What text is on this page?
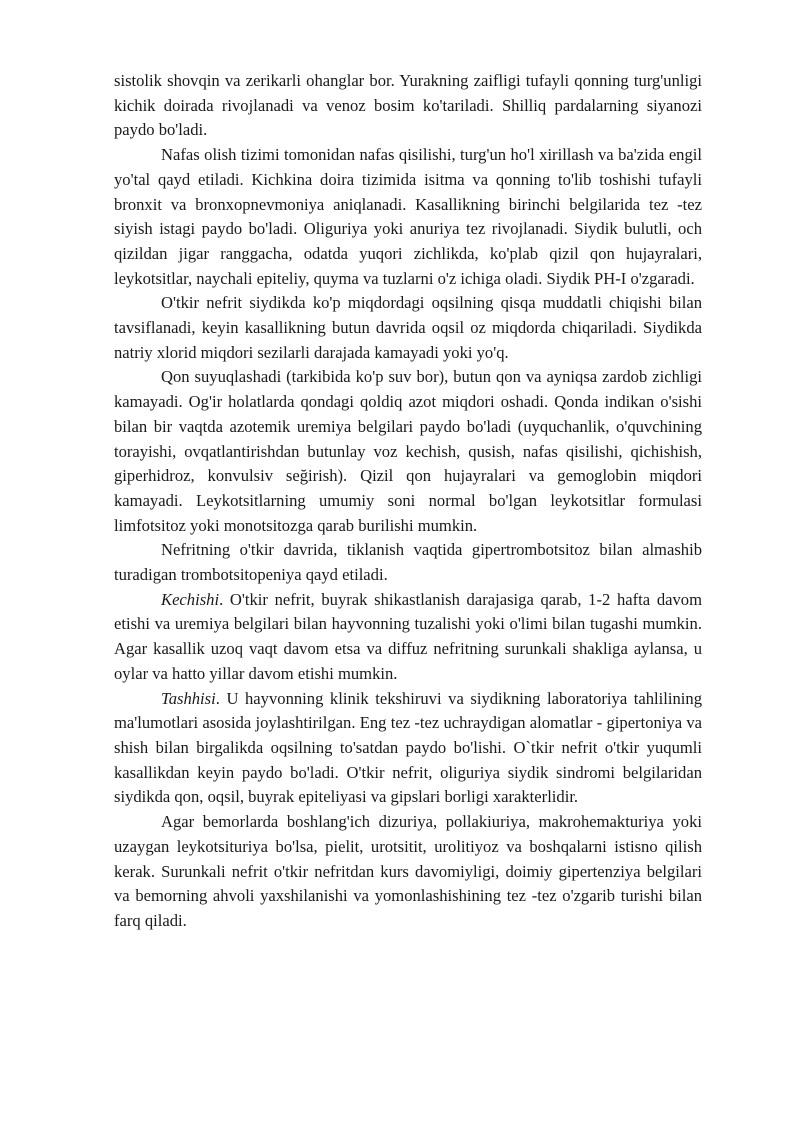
sistolik shovqin va zerikarli ohanglar bor. Yurakning zaifligi tufayli qonning turg'unligi kichik doirada rivojlanadi va venoz bosim ko'tariladi. Shilliq pardalarning siyanozi paydo bo'ladi.

Nafas olish tizimi tomonidan nafas qisilishi, turg'un ho'l xirillash va ba'zida engil yo'tal qayd etiladi. Kichkina doira tizimida isitma va qonning to'lib toshishi tufayli bronxit va bronxopnevmoniya aniqlanadi. Kasallikning birinchi belgilarida tez -tez siyish istagi paydo bo'ladi. Oliguriya yoki anuriya tez rivojlanadi. Siydik bulutli, och qizildan jigar ranggacha, odatda yuqori zichlikda, ko'plab qizil qon hujayralari, leykotsitlar, naychali epiteliy, quyma va tuzlarni o'z ichiga oladi. Siydik PH-I o'zgaradi.

O'tkir nefrit siydikda ko'p miqdordagi oqsilning qisqa muddatli chiqishi bilan tavsiflanadi, keyin kasallikning butun davrida oqsil oz miqdorda chiqariladi. Siydikda natriy xlorid miqdori sezilarli darajada kamayadi yoki yo'q.

Qon suyuqlashadi (tarkibida ko'p suv bor), butun qon va ayniqsa zardob zichligi kamayadi. Og'ir holatlarda qondagi qoldiq azot miqdori oshadi. Qonda indikan o'sishi bilan bir vaqtda azotemik uremiya belgilari paydo bo'ladi (uyquchanlik, o'quvchining torayishi, ovqatlantirishdan butunlay voz kechish, qusish, nafas qisilishi, qichishish, giperhidroz, konvulsiv seğirish). Qizil qon hujayralari va gemoglobin miqdori kamayadi. Leykotsitlarning umumiy soni normal bo'lgan leykotsitlar formulasi limfotsitoz yoki monotsitozga qarab burilishi mumkin.

Nefritning o'tkir davrida, tiklanish vaqtida gipertrombotsitoz bilan almashib turadigan trombotsitopeniya qayd etiladi.

Kechishi. O'tkir nefrit, buyrak shikastlanish darajasiga qarab, 1-2 hafta davom etishi va uremiya belgilari bilan hayvonning tuzalishi yoki o'limi bilan tugashi mumkin. Agar kasallik uzoq vaqt davom etsa va diffuz nefritning surunkali shakliga aylansa, u oylar va hatto yillar davom etishi mumkin.

Tashhisi. U hayvonning klinik tekshiruvi va siydikning laboratoriya tahlilining ma'lumotlari asosida joylashtirilgan. Eng tez -tez uchraydigan alomatlar - gipertoniya va shish bilan birgalikda oqsilning to'satdan paydo bo'lishi. O`tkir nefrit o'tkir yuqumli kasallikdan keyin paydo bo'ladi. O'tkir nefrit, oliguriya siydik sindromi belgilaridan siydikda qon, oqsil, buyrak epiteliyasi va gipslari borligi xarakterlidir.

Agar bemorlarda boshlang'ich dizuriya, pollakiuriya, makrohemakturiya yoki uzaygan leykotsituriya bo'lsa, pielit, urotsitit, urolitiyoz va boshqalarni istisno qilish kerak. Surunkali nefrit o'tkir nefritdan kurs davomiyligi, doimiy gipertenziya belgilari va bemorning ahvoli yaxshilanishi va yomonlashishining tez -tez o'zgarib turishi bilan farq qiladi.
